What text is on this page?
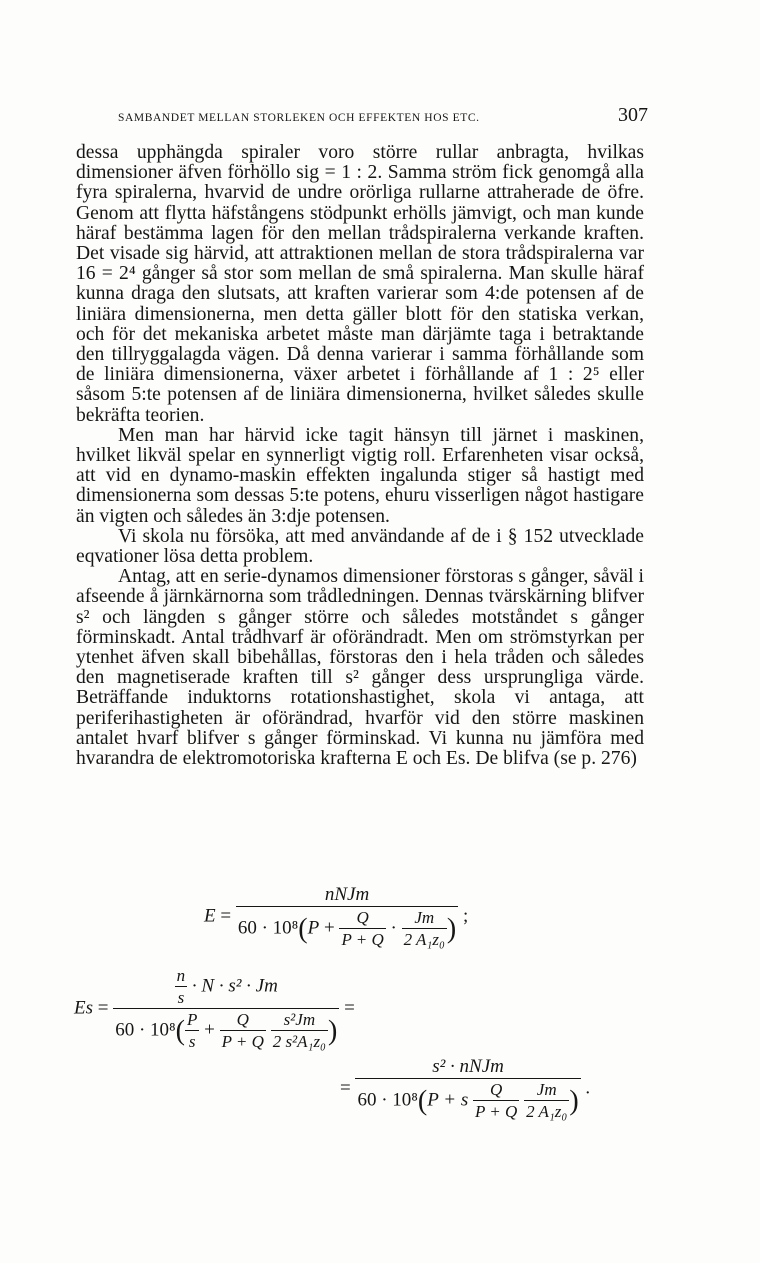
SAMBANDET MELLAN STORLEKEN OCH EFFEKTEN HOS ETC.	307

dessa upphängda spiraler voro större rullar anbragta, hvilkas dimensioner äfven förhöllo sig = 1 : 2. Samma ström fick genomgå alla fyra spiralerna, hvarvid de undre orörliga rullarne attraherade de öfre. Genom att flytta häfstångens stödpunkt erhölls jämvigt, och man kunde häraf bestämma lagen för den mellan trådspiralerna verkande kraften. Det visade sig härvid, att attraktionen mellan de stora trådspiralerna var 16 = 2⁴ gånger så stor som mellan de små spiralerna. Man skulle häraf kunna draga den slutsats, att kraften varierar som 4:de potensen af de liniära dimensionerna, men detta gäller blott för den statiska verkan, och för det mekaniska arbetet måste man därjämte taga i betraktande den tillryggalagda vägen. Då denna varierar i samma förhållande som de liniära dimensionerna, växer arbetet i förhållande af 1 : 2⁵ eller såsom 5:te potensen af de liniära dimensionerna, hvilket således skulle bekräfta teorien.

Men man har härvid icke tagit hänsyn till järnet i maskinen, hvilket likväl spelar en synnerligt vigtig roll. Erfarenheten visar också, att vid en dynamo-maskin effekten ingalunda stiger så hastigt med dimensionerna som dessas 5:te potens, ehuru visserligen något hastigare än vigten och således än 3:dje potensen.

Vi skola nu försöka, att med användande af de i § 152 utvecklade eqvationer lösa detta problem.

Antag, att en serie-dynamos dimensioner förstoras s gånger, såväl i afseende å järnkärnorna som trådledningen. Dennas tvärskärning blifver s² och längden s gånger större och således motståndet s gånger förminskadt. Antal trådhvarf är oförändradt. Men om strömstyrkan per ytenhet äfven skall bibehållas, förstoras den i hela tråden och således den magnetiserade kraften till s² gånger dess ursprungliga värde. Beträffande induktorns rotationshastighet, skola vi antaga, att periferihastigheten är oförändrad, hvarför vid den större maskinen antalet hvarf blifver s gånger förminskad. Vi kunna nu jämföra med hvarandra de elektromotoriska krafterna E och Es. De blifva (se p. 276)

E =
nNJm
$60 \cdot 10^8(P + \frac{Q}{P + Q} \cdot \frac{Jm}{\text{2 A₁z₀}}$ ) ;
$Es = \frac{n}{s} \cdot N \cdot s^2 \cdot Jm$
$60 \cdot 10^8( \frac{P}{s} + \frac{Q}{P + Q}$
$\frac{\text{s²Jm}}{\text{2 s²A₁z₀}}$ ) =
= s² · nNJm
60 · 10⁸(P + s $\frac{Q}{P + Q}$
$\frac{Jm}{\text{2 A₁z₀}}$ ) .
